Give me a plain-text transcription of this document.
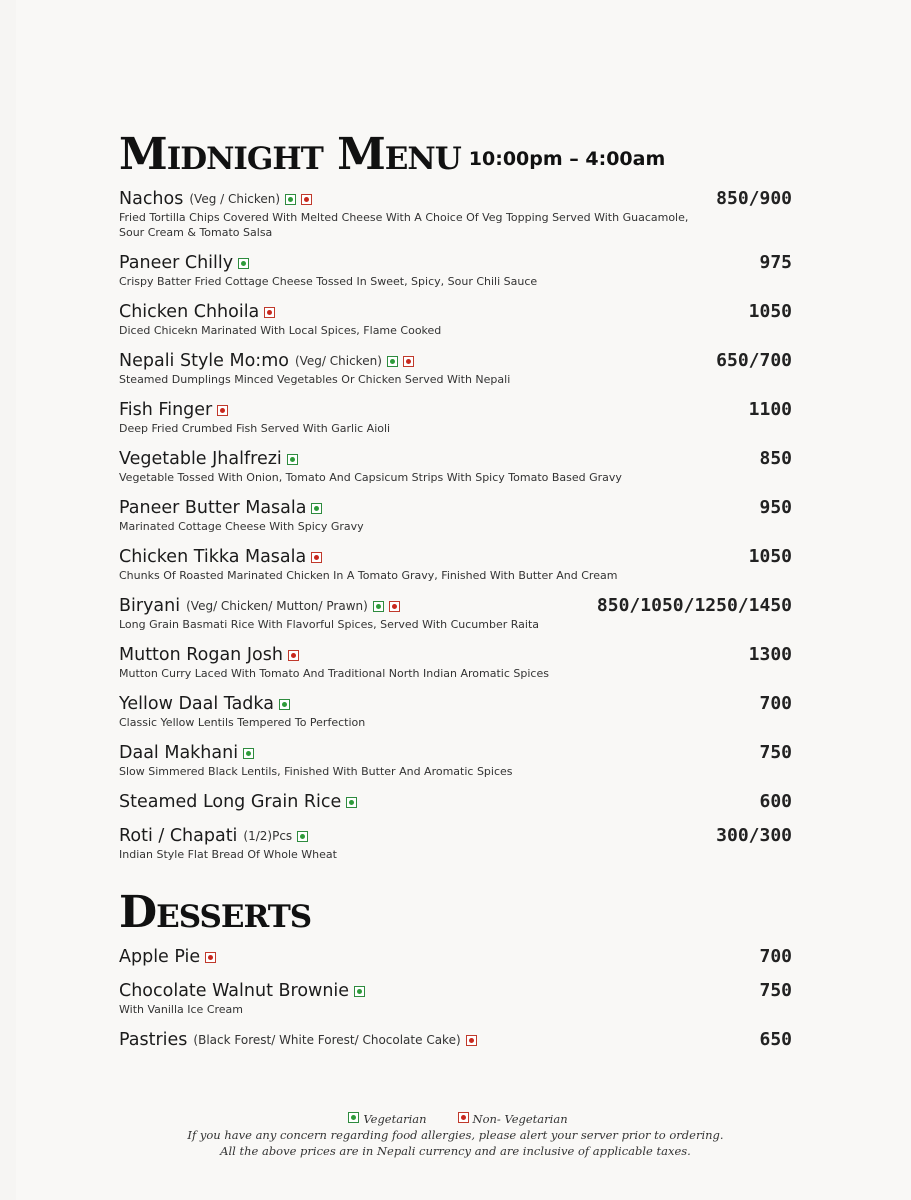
Midnight Menu 10:00pm – 4:00am
Nachos (Veg / Chicken)	850/900
Fried Tortilla Chips Covered With Melted Cheese With A Choice Of Veg Topping Served With Guacamole, Sour Cream & Tomato Salsa
Paneer Chilly	975
Crispy Batter Fried Cottage Cheese Tossed In Sweet, Spicy, Sour Chili Sauce
Chicken Chhoila	1050
Diced Chicekn Marinated With Local Spices, Flame Cooked
Nepali Style Mo:mo (Veg/ Chicken)	650/700
Steamed Dumplings Minced Vegetables Or Chicken Served With Nepali
Fish Finger	1100
Deep Fried Crumbed Fish Served With Garlic Aioli
Vegetable Jhalfrezi	850
Vegetable Tossed With Onion, Tomato And Capsicum Strips With Spicy Tomato Based Gravy
Paneer Butter Masala	950
Marinated Cottage Cheese With Spicy Gravy
Chicken Tikka Masala	1050
Chunks Of Roasted Marinated Chicken In A Tomato Gravy, Finished With Butter And Cream
Biryani (Veg/ Chicken/ Mutton/ Prawn)	850/1050/1250/1450
Long Grain Basmati Rice With Flavorful Spices, Served With Cucumber Raita
Mutton Rogan Josh	1300
Mutton Curry Laced With Tomato And Traditional North Indian Aromatic Spices
Yellow Daal Tadka	700
Classic Yellow Lentils Tempered To Perfection
Daal Makhani	750
Slow Simmered Black Lentils, Finished With Butter And Aromatic Spices
Steamed Long Grain Rice	600
Roti / Chapati (1/2)Pcs	300/300
Indian Style Flat Bread Of Whole Wheat
Desserts
Apple Pie	700
Chocolate Walnut Brownie	750
With Vanilla Ice Cream
Pastries (Black Forest/ White Forest/ Chocolate Cake)	650
Vegetarian	Non- Vegetarian

If you have any concern regarding food allergies, please alert your server prior to ordering.

All the above prices are in Nepali currency and are inclusive of applicable taxes.
